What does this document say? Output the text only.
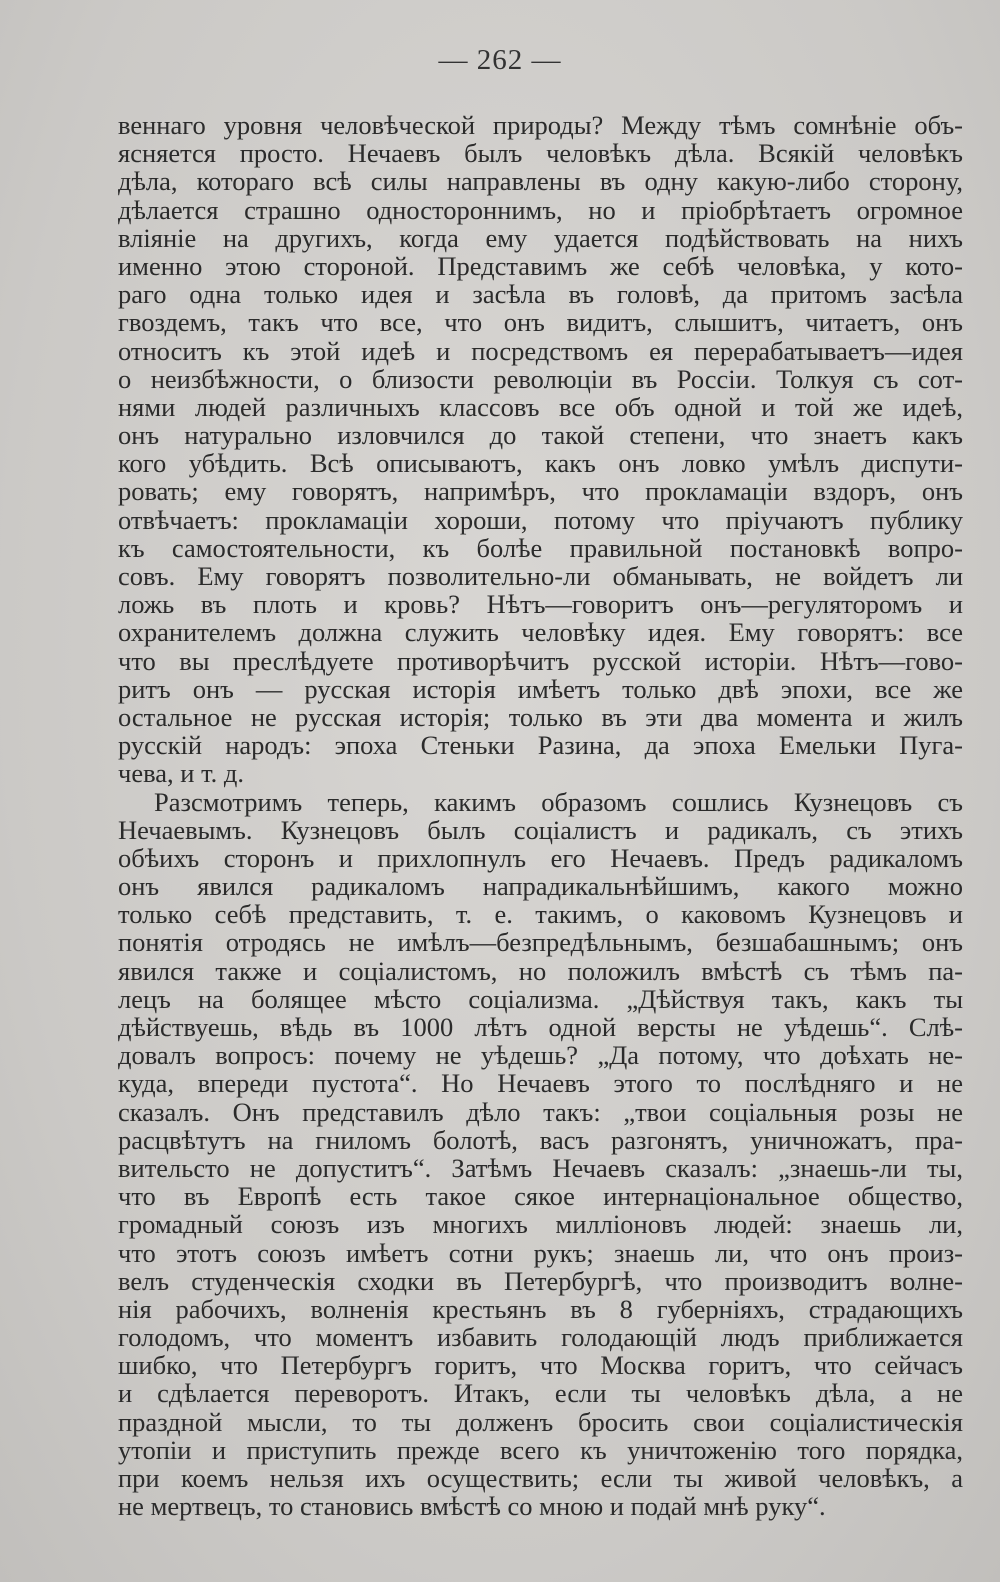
— 262 —
веннаго уровня человѣческой природы? Между тѣмъ сомнѣніе объ-
ясняется просто. Нечаевъ былъ человѣкъ дѣла. Всякій человѣкъ
дѣла, котораго всѣ силы направлены въ одну какую-либо сторону,
дѣлается страшно одностороннимъ, но и пріобрѣтаетъ огромное
вліяніе на другихъ, когда ему удается подѣйствовать на нихъ
именно этою стороной. Представимъ же себѣ человѣка, у кото-
раго одна только идея и засѣла въ головѣ, да притомъ засѣла
гвоздемъ, такъ что все, что онъ видитъ, слышитъ, читаетъ, онъ
относитъ къ этой идеѣ и посредствомъ ея перерабатываетъ—идея
о неизбѣжности, о близости революціи въ Россіи. Толкуя съ сот-
нями людей различныхъ классовъ все объ одной и той же идеѣ,
онъ натурально изловчился до такой степени, что знаетъ какъ
кого убѣдить. Всѣ описываютъ, какъ онъ ловко умѣлъ диспути-
ровать; ему говорятъ, напримѣръ, что прокламаціи вздоръ, онъ
отвѣчаетъ: прокламаціи хороши, потому что пріучаютъ публику
къ самостоятельности, къ болѣе правильной постановкѣ вопро-
совъ. Ему говорятъ позволительно-ли обманывать, не войдетъ ли
ложь въ плоть и кровь? Нѣтъ—говоритъ онъ—регуляторомъ и
охранителемъ должна служить человѣку идея. Ему говорятъ: все
что вы преслѣдуете противорѣчитъ русской исторіи. Нѣтъ—гово-
ритъ онъ — русская исторія имѣетъ только двѣ эпохи, все же
остальное не русская исторія; только въ эти два момента и жилъ
русскій народъ: эпоха Стеньки Разина, да эпоха Емельки Пуга-
чева, и т. д.
Разсмотримъ теперь, какимъ образомъ сошлись Кузнецовъ съ
Нечаевымъ. Кузнецовъ былъ соціалистъ и радикалъ, съ этихъ
обѣихъ сторонъ и прихлопнулъ его Нечаевъ. Предъ радикаломъ
онъ явился радикаломъ напрадикальнѣйшимъ, какого можно
только себѣ представить, т. е. такимъ, о каковомъ Кузнецовъ и
понятія отродясь не имѣлъ—безпредѣльнымъ, безшабашнымъ; онъ
явился также и соціалистомъ, но положилъ вмѣстѣ съ тѣмъ па-
лецъ на болящее мѣсто соціализма. „Дѣйствуя такъ, какъ ты
дѣйствуешь, вѣдь въ 1000 лѣтъ одной версты не уѣдешь“. Слѣ-
довалъ вопросъ: почему не уѣдешь? „Да потому, что доѣхать не-
куда, впереди пустота“. Но Нечаевъ этого то послѣдняго и не
сказалъ. Онъ представилъ дѣло такъ: „твои соціальныя розы не
расцвѣтутъ на гниломъ болотѣ, васъ разгонятъ, уничножатъ, пра-
вительсто не допуститъ“. Затѣмъ Нечаевъ сказалъ: „знаешь-ли ты,
что въ Европѣ есть такое сякое интернаціональное общество,
громадный союзъ изъ многихъ милліоновъ людей: знаешь ли,
что этотъ союзъ имѣетъ сотни рукъ; знаешь ли, что онъ произ-
велъ студенческія сходки въ Петербургѣ, что производитъ волне-
нія рабочихъ, волненія крестьянъ въ 8 губерніяхъ, страдающихъ
голодомъ, что моментъ избавить голодающій людъ приближается
шибко, что Петербургъ горитъ, что Москва горитъ, что сейчасъ
и сдѣлается переворотъ. Итакъ, если ты человѣкъ дѣла, а не
праздной мысли, то ты долженъ бросить свои соціалистическія
утопіи и приступить прежде всего къ уничтоженію того порядка,
при коемъ нельзя ихъ осуществить; если ты живой человѣкъ, а
не мертвецъ, то становись вмѣстѣ со мною и подай мнѣ руку“.
